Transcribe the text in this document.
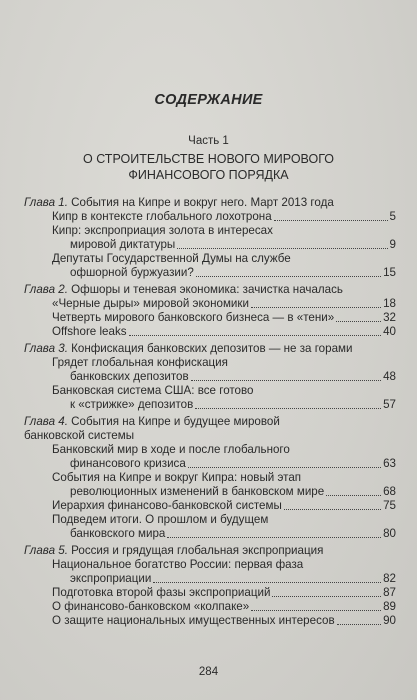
СОДЕРЖАНИЕ
Часть 1
О СТРОИТЕЛЬСТВЕ НОВОГО МИРОВОГО
ФИНАНСОВОГО ПОРЯДКА
Глава 1. События на Кипре и вокруг него. Март 2013 года
Кипр в контексте глобального лохотрона	5
Кипр: экспроприация золота в интересах
мировой диктатуры	9
Депутаты Государственной Думы на службе
офшорной буржуазии?	15
Глава 2. Офшоры и теневая экономика: зачистка началась
«Черные дыры» мировой экономики	18
Четверть мирового банковского бизнеса — в «тени»	32
Offshore leaks	40
Глава 3. Конфискация банковских депозитов — не за горами
Грядет глобальная конфискация
банковских депозитов	48
Банковская система США: все готово
к «стрижке» депозитов	57
Глава 4. События на Кипре и будущее мировой
банковской системы
Банковский мир в ходе и после глобального
финансового кризиса	63
События на Кипре и вокруг Кипра: новый этап
революционных изменений в банковском мире	68
Иерархия финансово-банковской системы	75
Подведем итоги. О прошлом и будущем
банковского мира	80
Глава 5. Россия и грядущая глобальная экспроприация
Национальное богатство России: первая фаза
экспроприации	82
Подготовка второй фазы экспроприаций	87
О финансово-банковском «колпаке»	89
О защите национальных имущественных интересов	90
284
